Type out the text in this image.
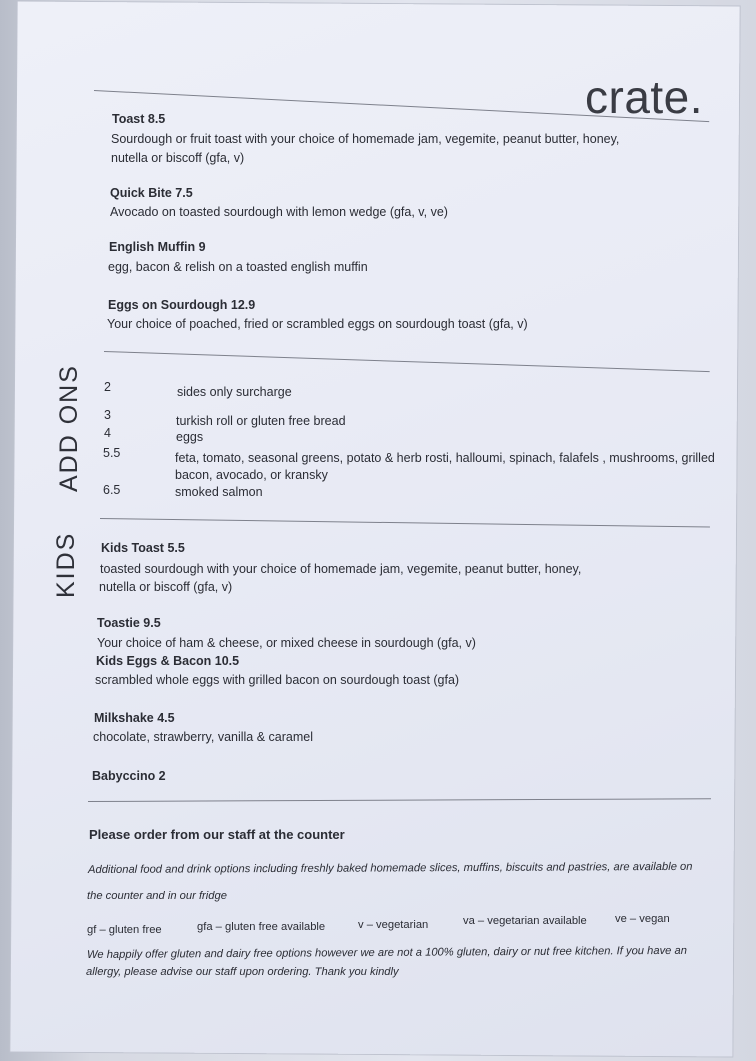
crate.
Toast 8.5
Sourdough or fruit toast with your choice of homemade jam, vegemite, peanut butter, honey,
nutella or biscoff (gfa, v)
Quick Bite 7.5
Avocado on toasted sourdough with lemon wedge (gfa, v, ve)
English Muffin 9
egg, bacon & relish on a toasted english muffin
Eggs on Sourdough 12.9
Your choice of poached, fried or scrambled eggs on sourdough toast (gfa, v)
ADD ONS 2	sides only surcharge
3	turkish roll or gluten free bread
4	eggs
5.5	feta, tomato, seasonal greens, potato & herb rosti, halloumi, spinach, falafels , mushrooms, grilled
bacon, avocado, or kransky
6.5	smoked salmon
KIDS Kids Toast 5.5
toasted sourdough with your choice of homemade jam, vegemite, peanut butter, honey,
nutella or biscoff (gfa, v)
Toastie 9.5
Your choice of ham & cheese, or mixed cheese in sourdough (gfa, v)
Kids Eggs & Bacon 10.5
scrambled whole eggs with grilled bacon on sourdough toast (gfa)
Milkshake 4.5
chocolate, strawberry, vanilla & caramel
Babyccino 2
Please order from our staff at the counter
Additional food and drink options including freshly baked homemade slices, muffins, biscuits and pastries, are available on
the counter and in our fridge
gf – gluten free	gfa – gluten free available	v – vegetarian	va – vegetarian available	ve – vegan
We happily offer gluten and dairy free options however we are not a 100% gluten, dairy or nut free kitchen. If you have an
allergy, please advise our staff upon ordering. Thank you kindly
